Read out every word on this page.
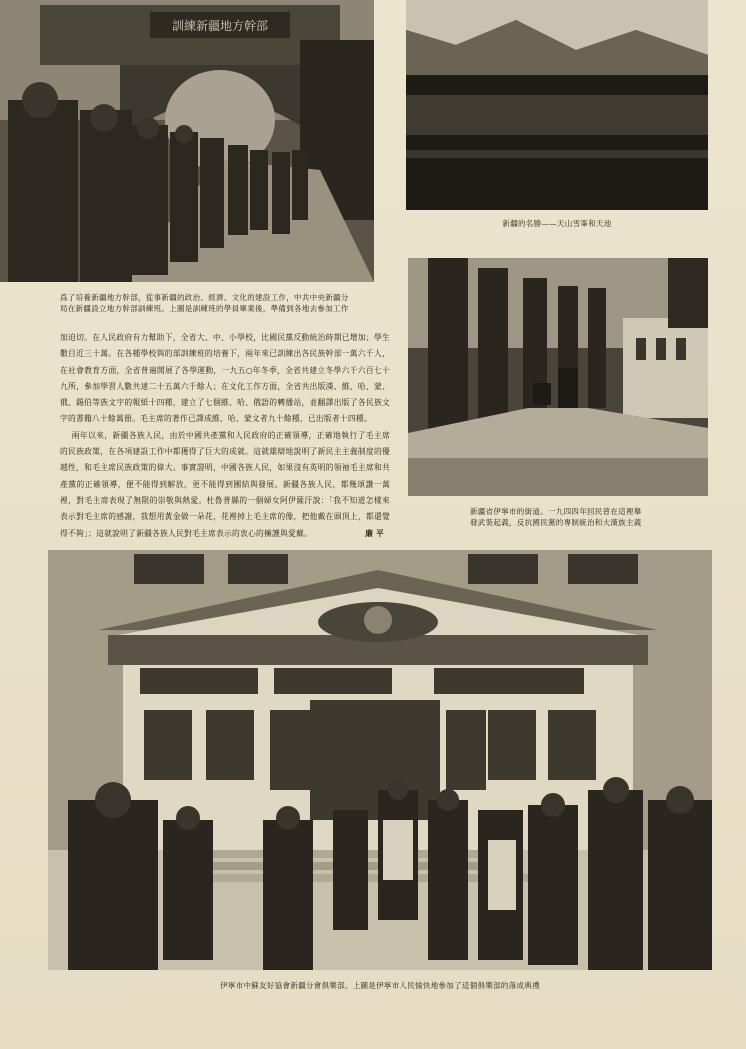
訓練新疆地方幹部
新疆的名勝——天山雪峯和天池
爲了培養新疆地方幹部，從事新疆的政治、經濟、文化的建設工作，中共中央新疆分
局在新疆設立地方幹部訓練班。上圖是訓練班的學員畢業後，準備到各地去參加工作

加迫切。在人民政府有力幫助下，全省大、中、小學校，比國民黨反動統治時期已增加；學生數目近三十萬。在各種學校與的部訓練班的培養下，兩年來已訓練出各民族幹部一萬六千人，在社會教育方面，全省普遍開展了各學運動，一九五○年冬季，全省共建立冬學六千六百七十九所，參加學習人數共達二十五萬六千餘人；在文化工作方面，全省共出版漢、維、哈、蒙、俄、錫伯等族文字的報紙十四種，建立了七個維、哈、俄語的轉播站，並翻譯出版了各民族文字的書籍八十餘萬冊。毛主席的著作已譯成維、哈、蒙文者九十餘種，已出版者十四種。

兩年以來，新疆各族人民，由於中國共產黨和人民政府的正確領導，正確地執行了毛主席的民族政策，在各項建設工作中都獲得了巨大的成就。這就雄辯地說明了新民主主義制度的優越性，和毛主席民族政策的偉大。事實證明，中國各族人民，如果沒有英明的領袖毛主席和共產黨的正確領導，便不能得到解放，更不能得到團結與發展。新疆各族人民，都幾頌讚一萬裡，對毛主席表現了無限的崇敬與熱愛。杜魯普縣的一個婦女阿伊薩汗說：「我不知道怎樣來表示對毛主席的感謝，我想用黃金做一朵花，花裡掉上毛主席的像，把他戴在頭頂上，都還覺得不夠」；這就說明了新疆各族人民對毛主席表示的衷心的擁護與愛戴。	廉 平

新疆省伊寧市的街道。一九四四年回民曾在這裡舉
發武裝起義，反抗國民黨的專制統治和大漢族主義
伊寧市中蘇友好協會新疆分會俱樂部。上圖是伊寧市人民愉快地參加了這個俱樂部的落成典禮
